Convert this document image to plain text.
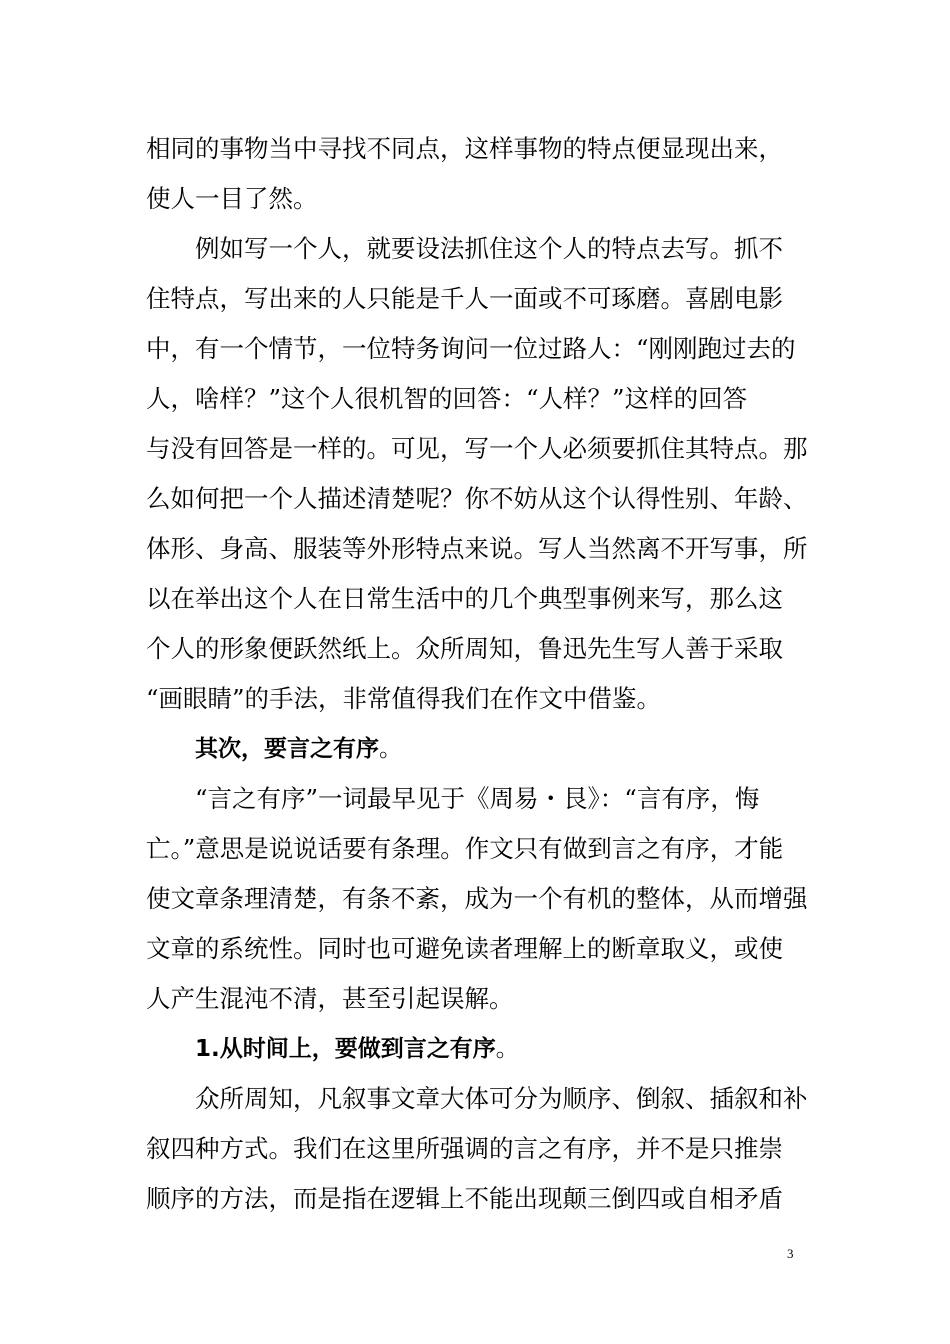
相同的事物当中寻找不同点，这样事物的特点便显现出来，
使人一目了然。
例如写一个人，就要设法抓住这个人的特点去写。抓不
住特点，写出来的人只能是千人一面或不可琢磨。喜剧电影
中，有一个情节，一位特务询问一位过路人：“刚刚跑过去的
人，啥样？”这个人很机智的回答：“人样？”这样的回答
与没有回答是一样的。可见，写一个人必须要抓住其特点。那
么如何把一个人描述清楚呢？你不妨从这个认得性别、年龄、
体形、身高、服装等外形特点来说。写人当然离不开写事，所
以在举出这个人在日常生活中的几个典型事例来写，那么这
个人的形象便跃然纸上。众所周知，鲁迅先生写人善于采取
“画眼睛”的手法，非常值得我们在作文中借鉴。
其次，要言之有序。
“言之有序”一词最早见于《周易・艮》：“言有序，悔
亡。”意思是说说话要有条理。作文只有做到言之有序，才能
使文章条理清楚，有条不紊，成为一个有机的整体，从而增强
文章的系统性。同时也可避免读者理解上的断章取义，或使
人产生混沌不清，甚至引起误解。
1.从时间上，要做到言之有序。
众所周知，凡叙事文章大体可分为顺序、倒叙、插叙和补
叙四种方式。我们在这里所强调的言之有序，并不是只推崇
顺序的方法，而是指在逻辑上不能出现颠三倒四或自相矛盾
3
